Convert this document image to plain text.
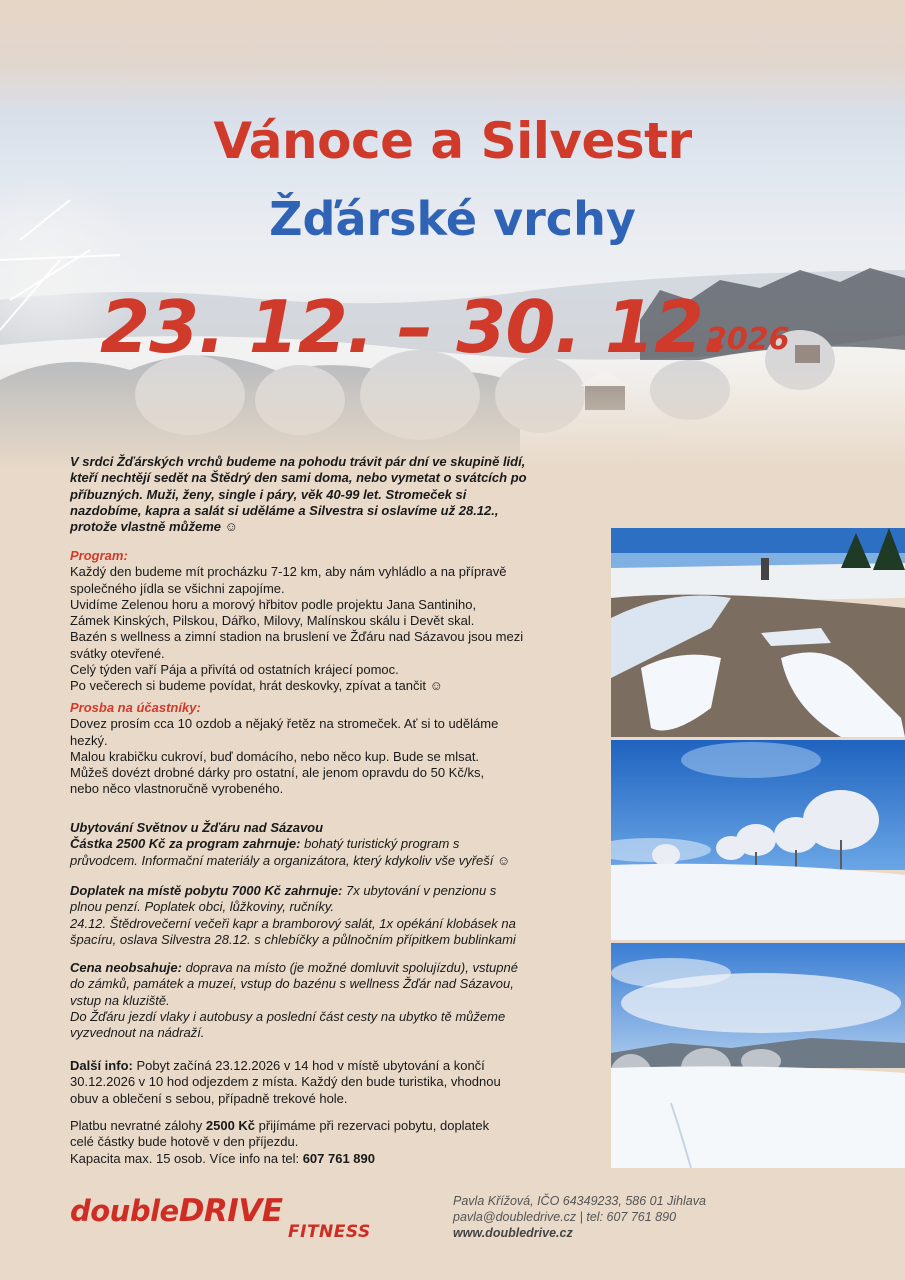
Vánoce a Silvestr
Žďárské vrchy
23. 12. – 30. 12.
2026
V srdci Žďárských vrchů budeme na pohodu trávit pár dní ve skupině lidí,
kteří nechtějí sedět na Štědrý den sami doma, nebo vymetat o svátcích po
příbuzných. Muži, ženy, single i páry, věk 40-99 let. Stromeček si
nazdobíme, kapra a salát si uděláme a Silvestra si oslavíme už 28.12.,
protože vlastně můžeme ☺
Program:
Každý den budeme mít procházku 7-12 km, aby nám vyhládlo a na přípravě
společného jídla se všichni zapojíme.
Uvidíme Zelenou horu a morový hřbitov podle projektu Jana Santiniho,
Zámek Kinských, Pilskou, Dářko, Milovy, Malínskou skálu i Devět skal.
Bazén s wellness a zimní stadion na bruslení ve Žďáru nad Sázavou jsou mezi
svátky otevřené.
Celý týden vaří Pája a přivítá od ostatních krájecí pomoc.
Po večerech si budeme povídat, hrát deskovky, zpívat a tančit ☺
Prosba na účastníky:
Dovez prosím cca 10 ozdob a nějaký řetěz na stromeček. Ať si to uděláme
hezký.
Malou krabičku cukroví, buď domácího, nebo něco kup. Bude se mlsat.
Můžeš dovézt drobné dárky pro ostatní, ale jenom opravdu do 50 Kč/ks,
nebo něco vlastnoručně vyrobeného.
Ubytování Světnov u Žďáru nad Sázavou
Částka 2500 Kč za program zahrnuje: bohatý turistický program s
průvodcem. Informační materiály a organizátora, který kdykoliv vše vyřeší ☺
Doplatek na místě pobytu 7000 Kč zahrnuje: 7x ubytování v penzionu s
plnou penzí. Poplatek obci, lůžkoviny, ručníky.
24.12. Štědrovečerní večeři kapr a bramborový salát, 1x opékání klobásek na
špacíru, oslava Silvestra 28.12. s chlebíčky a půlnočním přípitkem bublinkami
Cena neobsahuje: doprava na místo (je možné domluvit spolujízdu), vstupné
do zámků, památek a muzeí, vstup do bazénu s wellness Žďár nad Sázavou,
vstup na kluziště.
Do Žďáru jezdí vlaky i autobusy a poslední část cesty na ubytko tě můžeme
vyzvednout na nádraží.
Další info: Pobyt začíná 23.12.2026 v 14 hod v místě ubytování a končí
30.12.2026 v 10 hod odjezdem z místa. Každý den bude turistika, vhodnou
obuv a oblečení s sebou, případně trekové hole.
Platbu nevratné zálohy 2500 Kč přijímáme při rezervaci pobytu, doplatek
celé částky bude hotově v den příjezdu.
Kapacita max. 15 osob. Více info na tel: 607 761 890
doubleDRIVE
FITNESS
Pavla Křížová, IČO 64349233, 586 01 Jihlava
pavla@doubledrive.cz | tel: 607 761 890
www.doubledrive.cz
